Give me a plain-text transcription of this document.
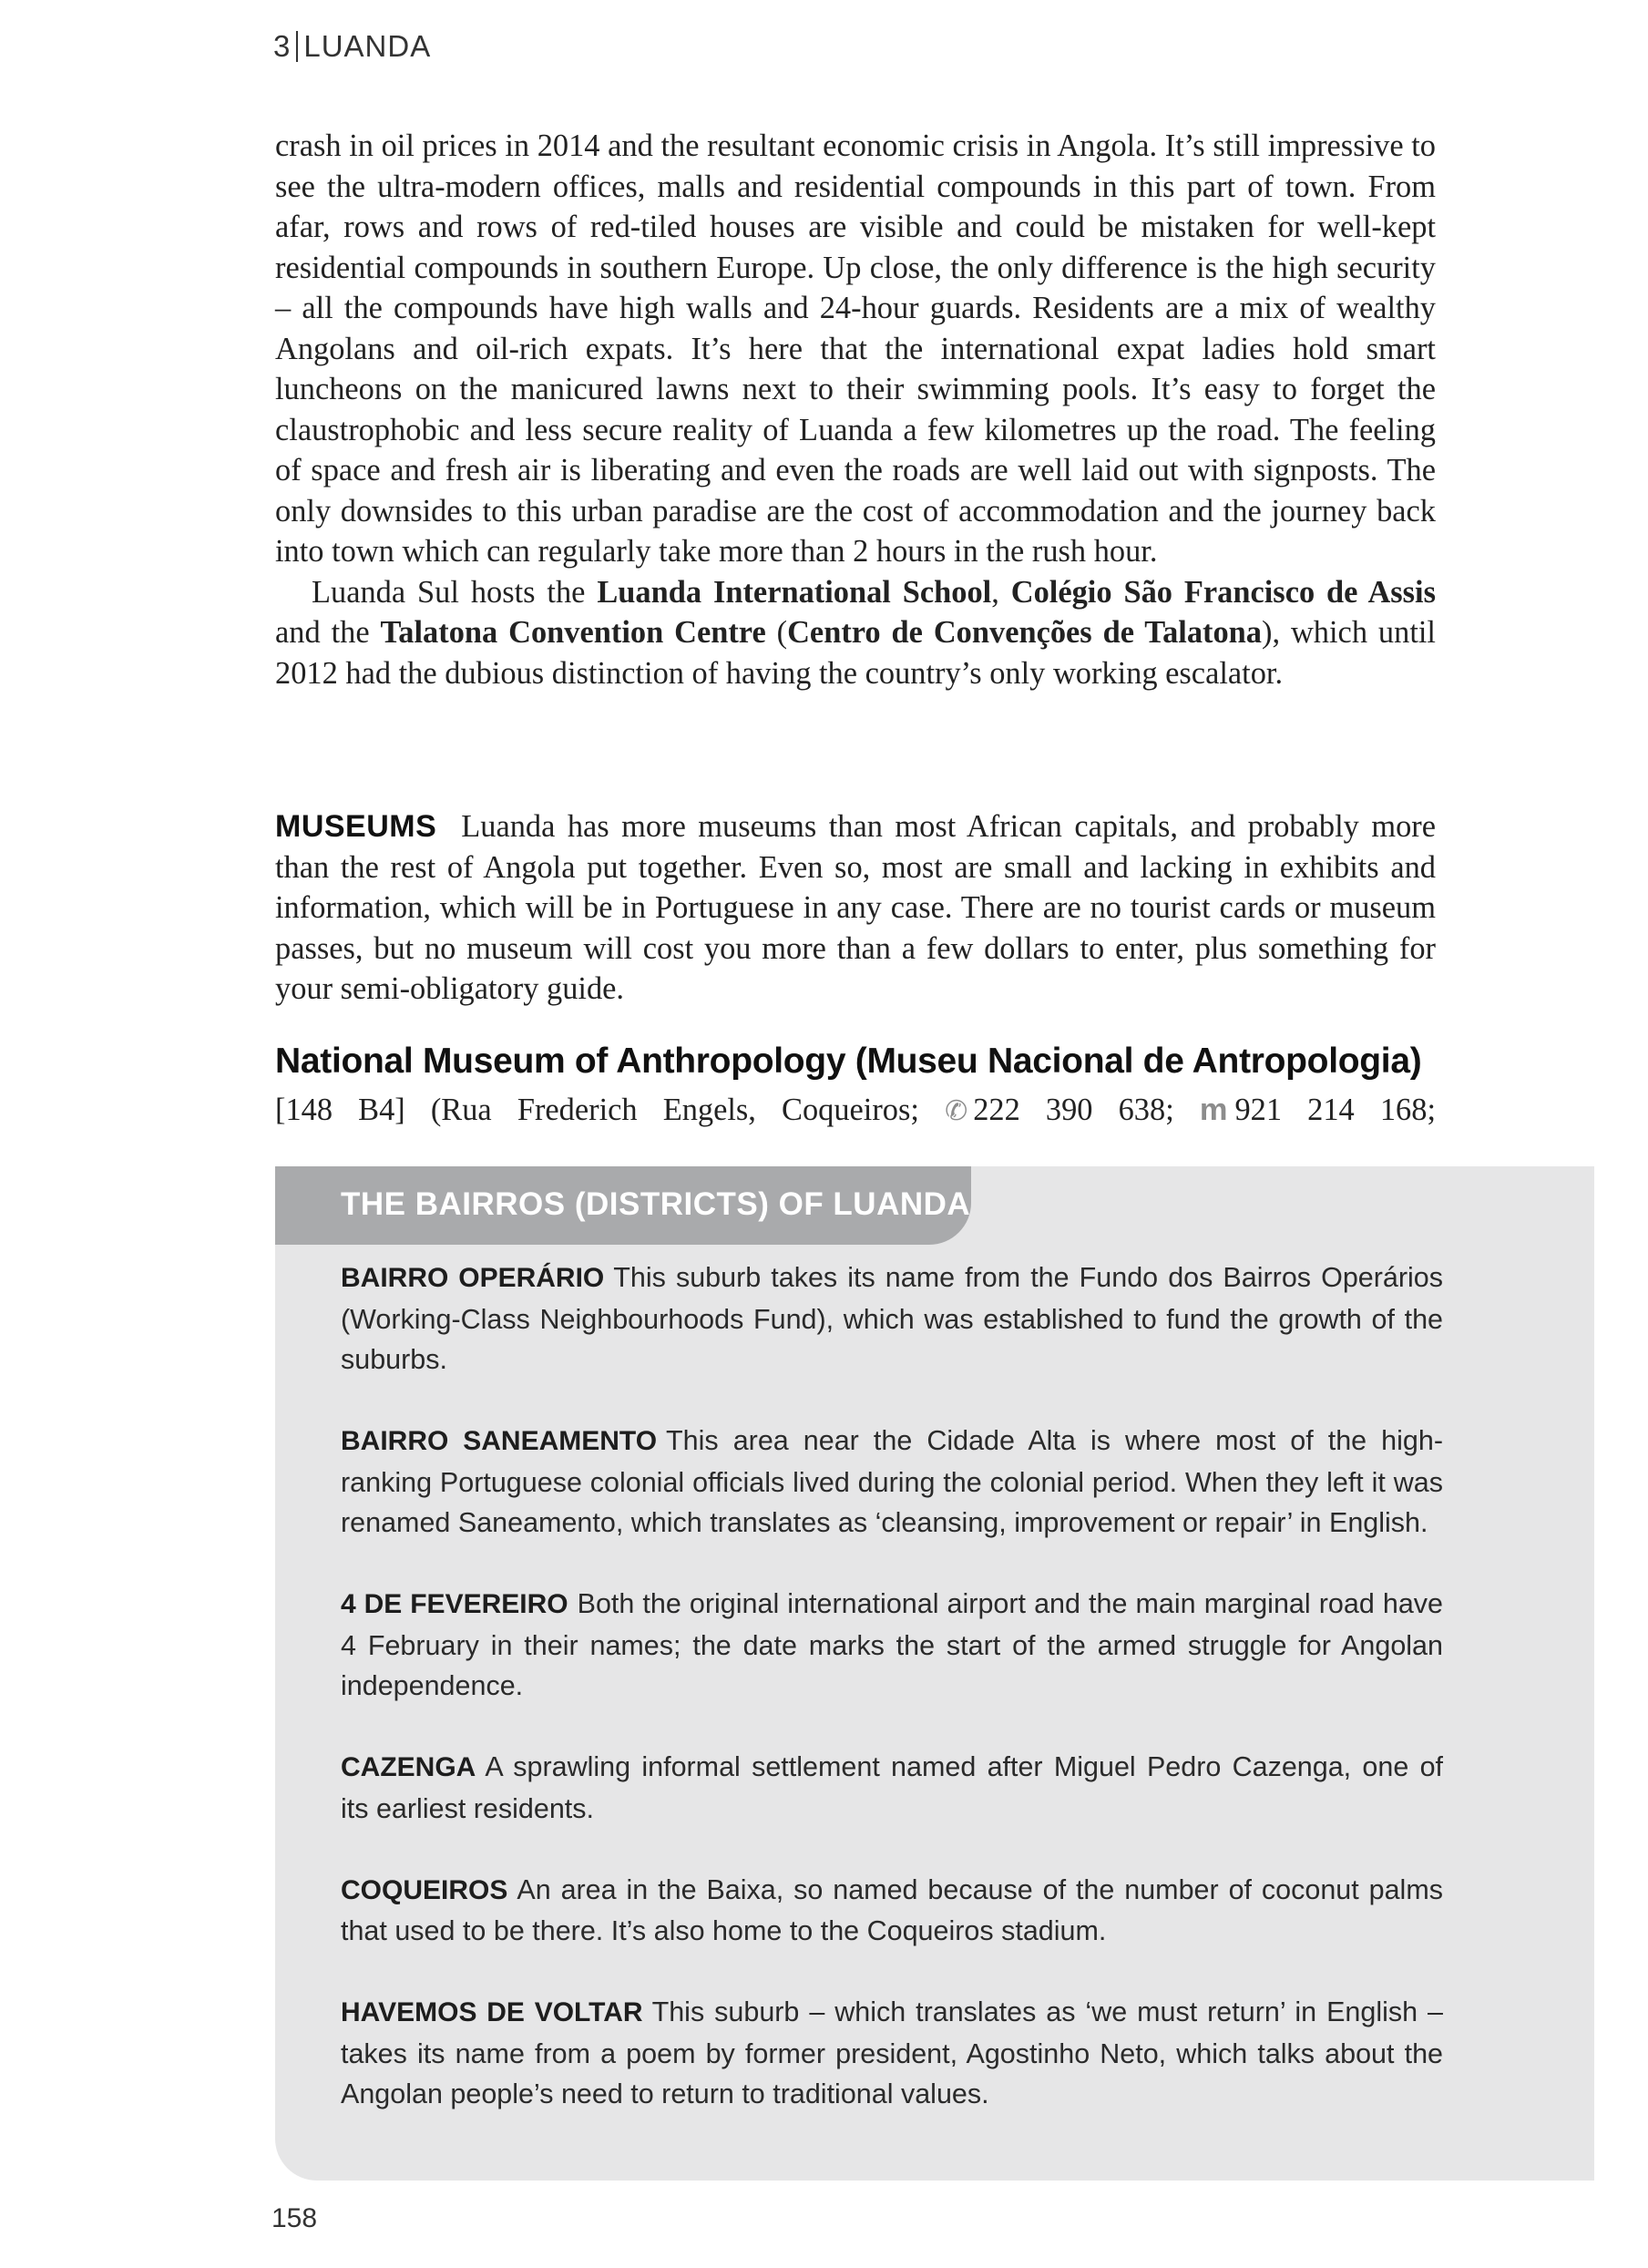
3 LUANDA

crash in oil prices in 2014 and the resultant economic crisis in Angola. It’s still impressive to see the ultra-modern offices, malls and residential compounds in this part of town. From afar, rows and rows of red-tiled houses are visible and could be mistaken for well-kept residential compounds in southern Europe. Up close, the only difference is the high security – all the compounds have high walls and 24-hour guards. Residents are a mix of wealthy Angolans and oil-rich expats. It’s here that the international expat ladies hold smart luncheons on the manicured lawns next to their swimming pools. It’s easy to forget the claustrophobic and less secure reality of Luanda a few kilometres up the road. The feeling of space and fresh air is liberating and even the roads are well laid out with signposts. The only downsides to this urban paradise are the cost of accommodation and the journey back into town which can regularly take more than 2 hours in the rush hour.

Luanda Sul hosts the Luanda International School, Colégio São Francisco de Assis and the Talatona Convention Centre (Centro de Convenções de Talatona), which until 2012 had the dubious distinction of having the country’s only working escalator.

MUSEUMS Luanda has more museums than most African capitals, and probably more than the rest of Angola put together. Even so, most are small and lacking in exhibits and information, which will be in Portuguese in any case. There are no tourist cards or museum passes, but no museum will cost you more than a few dollars to enter, plus something for your semi-obligatory guide.

National Museum of Anthropology (Museu Nacional de Antropologia)
[148 B4] (Rua Frederich Engels, Coqueiros; ✆ 222 390 638; m 921 214 168;
THE BAIRROS (DISTRICTS) OF LUANDA

BAIRRO OPERÁRIO This suburb takes its name from the Fundo dos Bairros Operários (Working-Class Neighbourhoods Fund), which was established to fund the growth of the suburbs.

BAIRRO SANEAMENTO This area near the Cidade Alta is where most of the high-ranking Portuguese colonial officials lived during the colonial period. When they left it was renamed Saneamento, which translates as ‘cleansing, improvement or repair’ in English.

4 DE FEVEREIRO Both the original international airport and the main marginal road have 4 February in their names; the date marks the start of the armed struggle for Angolan independence.

CAZENGA A sprawling informal settlement named after Miguel Pedro Cazenga, one of its earliest residents.

COQUEIROS An area in the Baixa, so named because of the number of coconut palms that used to be there. It’s also home to the Coqueiros stadium.

HAVEMOS DE VOLTAR This suburb – which translates as ‘we must return’ in English – takes its name from a poem by former president, Agostinho Neto, which talks about the Angolan people’s need to return to traditional values.

158
